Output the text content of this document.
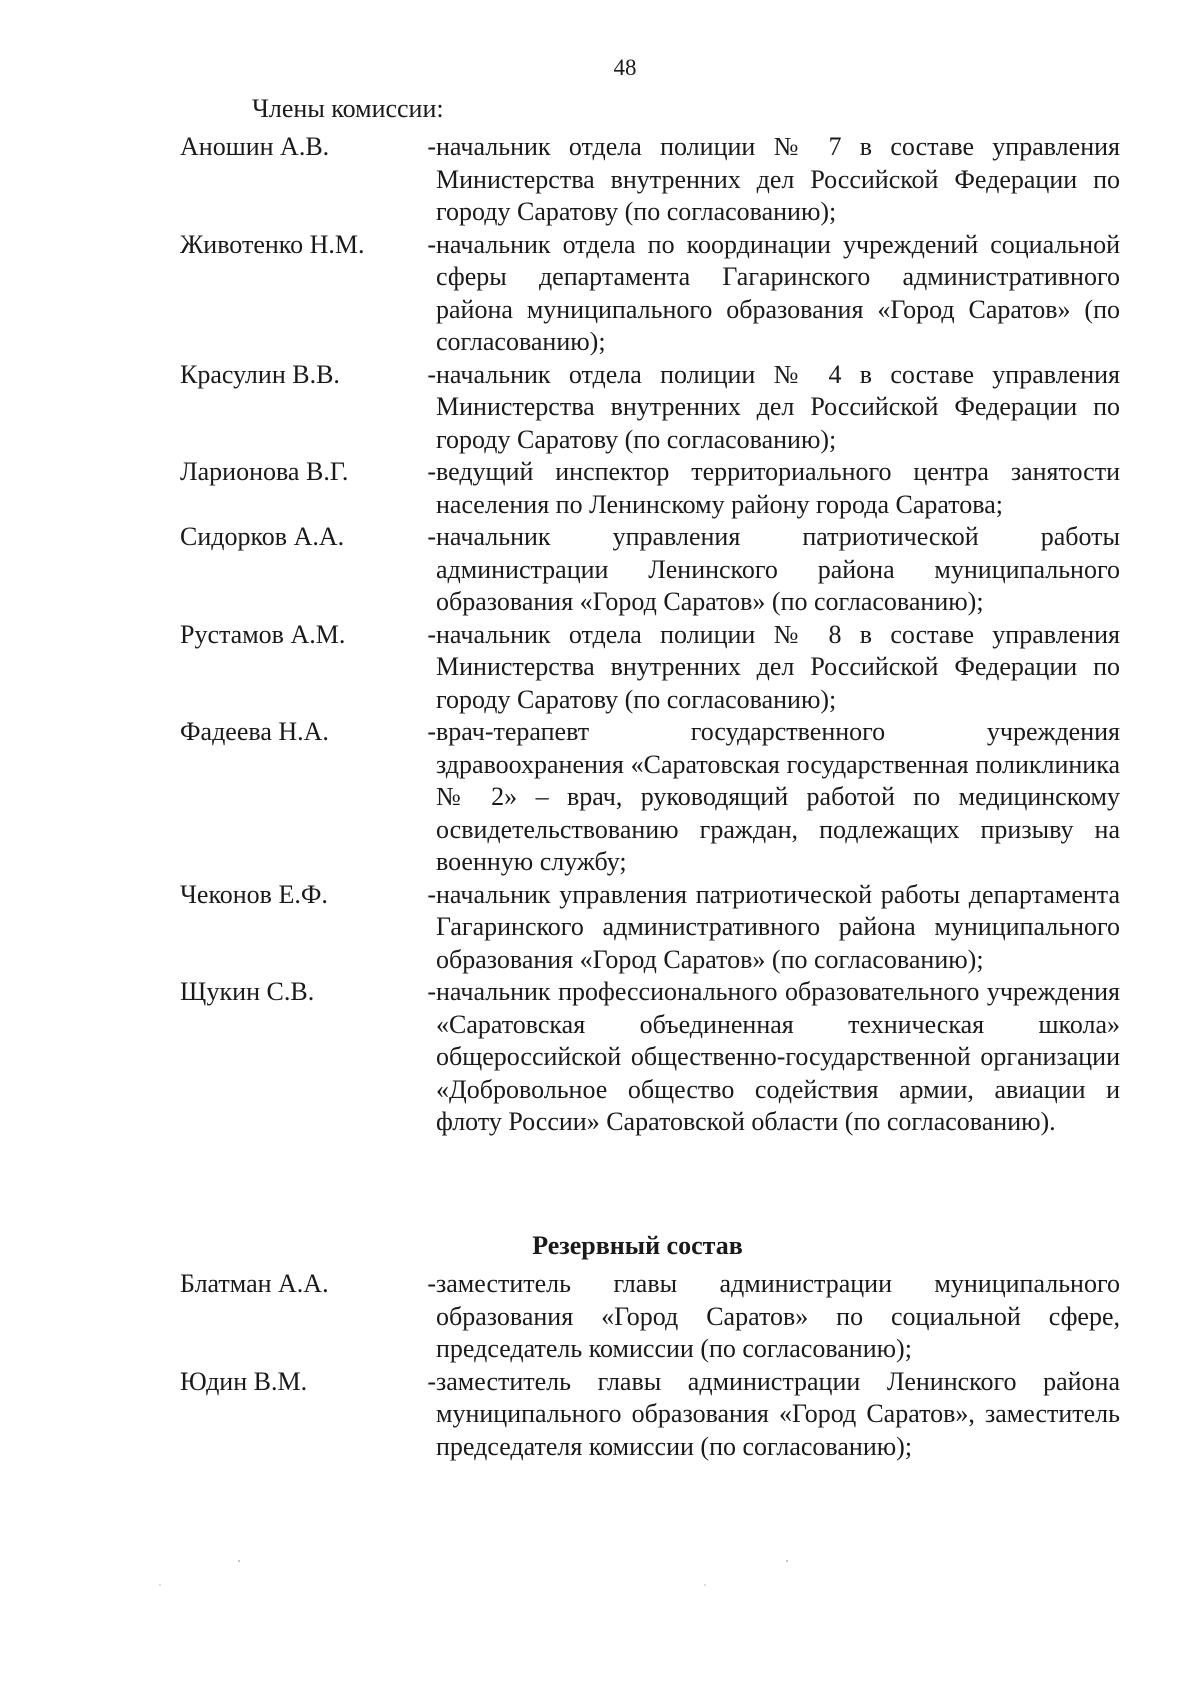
48
Члены комиссии:
Аношин А.В.	- начальник отдела полиции № 7 в составе управления Министерства внутренних дел Российской Федерации по городу Саратову (по согласованию);
Животенко Н.М.	- начальник отдела по координации учреждений социальной сферы департамента Гагаринского административного района муниципального образования «Город Саратов» (по согласованию);
Красулин В.В.	- начальник отдела полиции № 4 в составе управления Министерства внутренних дел Российской Федерации по городу Саратову (по согласованию);
Ларионова В.Г.	- ведущий инспектор территориального центра занятости населения по Ленинскому району города Саратова;
Сидорков А.А.	- начальник управления патриотической работы администрации Ленинского района муниципального образования «Город Саратов» (по согласованию);
Рустамов А.М.	- начальник отдела полиции № 8 в составе управления Министерства внутренних дел Российской Федерации по городу Саратову (по согласованию);
Фадеева Н.А.	- врач-терапевт государственного учреждения здравоохранения «Саратовская государственная поликлиника № 2» – врач, руководящий работой по медицинскому освидетельствованию граждан, подлежащих призыву на военную службу;
Чеконов Е.Ф.	- начальник управления патриотической работы департамента Гагаринского административного района муниципального образования «Город Саратов» (по согласованию);
Щукин С.В.	- начальник профессионального образовательного учреждения «Саратовская объединенная техническая школа» общероссийской общественно-государственной организации «Добровольное общество содействия армии, авиации и флоту России» Саратовской области (по согласованию).
Резервный состав
Блатман А.А.	- заместитель главы администрации муниципального образования «Город Саратов» по социальной сфере, председатель комиссии (по согласованию);
Юдин В.М.	- заместитель главы администрации Ленинского района муниципального образования «Город Саратов», заместитель председателя комиссии (по согласованию);
